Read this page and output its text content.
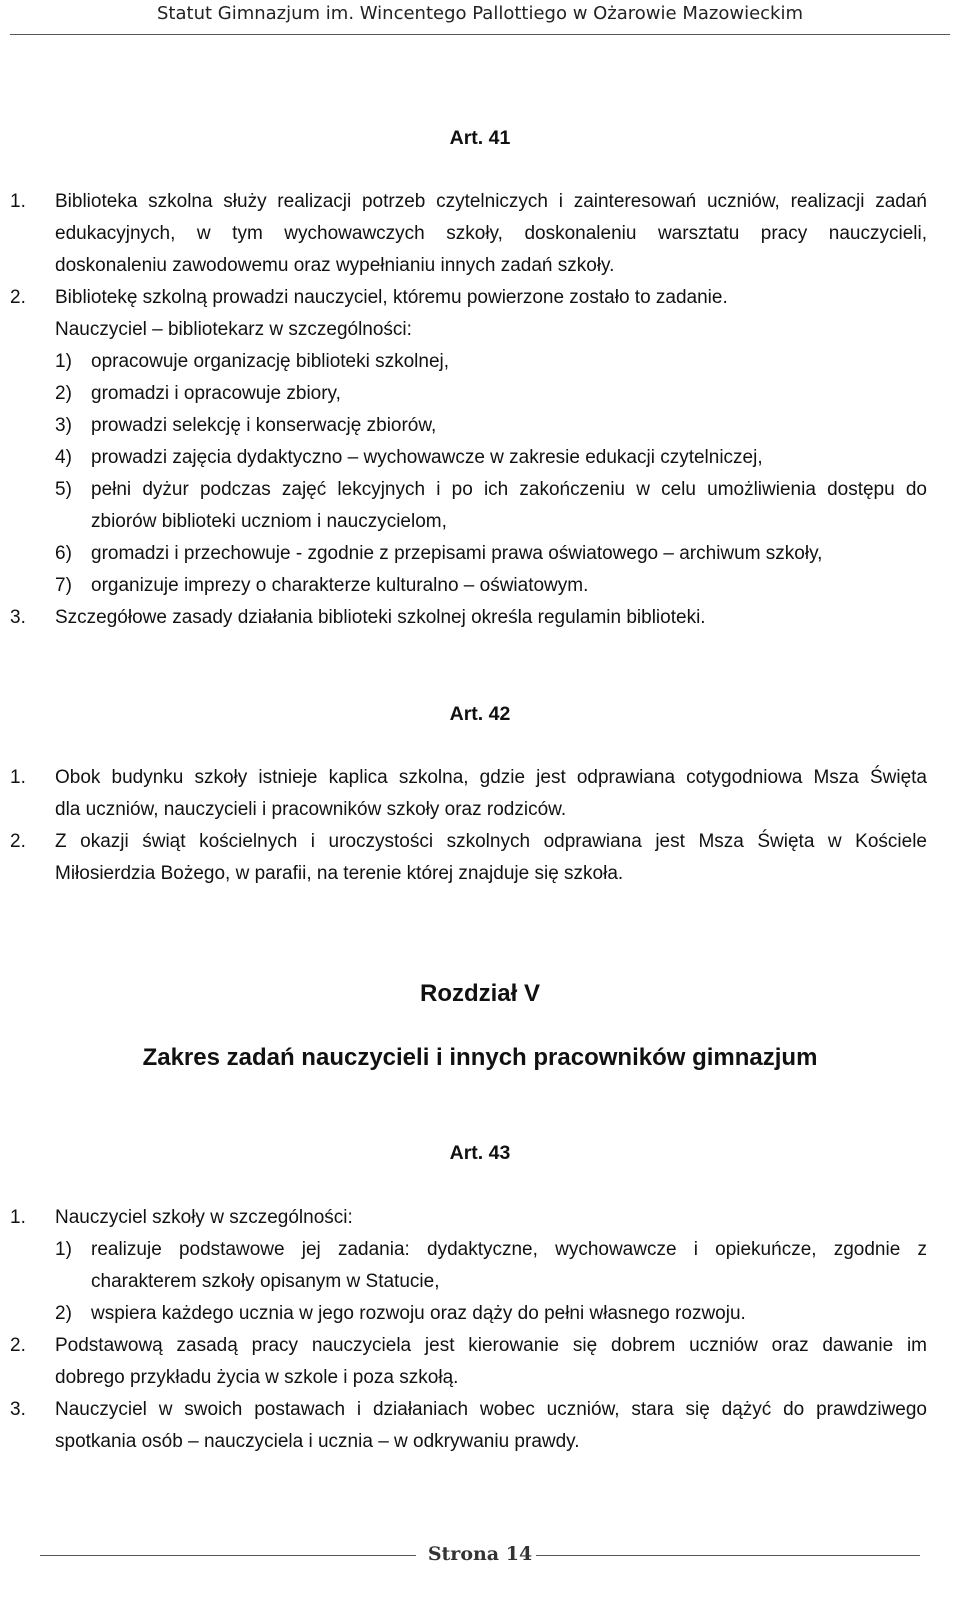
Statut Gimnazjum im. Wincentego Pallottiego w Ożarowie Mazowieckim
Art. 41
1. Biblioteka szkolna służy realizacji potrzeb czytelniczych i zainteresowań uczniów, realizacji zadań
edukacyjnych, w tym wychowawczych szkoły, doskonaleniu warsztatu pracy nauczycieli,
doskonaleniu zawodowemu oraz wypełnianiu innych zadań szkoły.
2. Bibliotekę szkolną prowadzi nauczyciel, któremu powierzone zostało to zadanie.
Nauczyciel – bibliotekarz w szczególności:
1) opracowuje organizację biblioteki szkolnej,
2) gromadzi i opracowuje zbiory,
3) prowadzi selekcję i konserwację zbiorów,
4) prowadzi zajęcia dydaktyczno – wychowawcze w zakresie edukacji czytelniczej,
5) pełni dyżur podczas zajęć lekcyjnych i po ich zakończeniu w celu umożliwienia dostępu do
zbiorów biblioteki uczniom i nauczycielom,
6) gromadzi i przechowuje - zgodnie z przepisami prawa oświatowego – archiwum szkoły,
7) organizuje imprezy o charakterze kulturalno – oświatowym.
3. Szczegółowe zasady działania biblioteki szkolnej określa regulamin biblioteki.
Art. 42
1. Obok budynku szkoły istnieje kaplica szkolna, gdzie jest odprawiana cotygodniowa Msza Święta
dla uczniów, nauczycieli i pracowników szkoły oraz rodziców.
2. Z okazji świąt kościelnych i uroczystości szkolnych odprawiana jest Msza Święta w Kościele
Miłosierdzia Bożego, w parafii, na terenie której znajduje się szkoła.
Rozdział V
Zakres zadań nauczycieli i innych pracowników gimnazjum
Art. 43
1. Nauczyciel szkoły w szczególności:
1) realizuje podstawowe jej zadania: dydaktyczne, wychowawcze i opiekuńcze, zgodnie z
charakterem szkoły opisanym w Statucie,
2) wspiera każdego ucznia w jego rozwoju oraz dąży do pełni własnego rozwoju.
2. Podstawową zasadą pracy nauczyciela jest kierowanie się dobrem uczniów oraz dawanie im
dobrego przykładu życia w szkole i poza szkołą.
3. Nauczyciel w swoich postawach i działaniach wobec uczniów, stara się dążyć do prawdziwego
spotkania osób – nauczyciela i ucznia – w odkrywaniu prawdy.
Strona 14
